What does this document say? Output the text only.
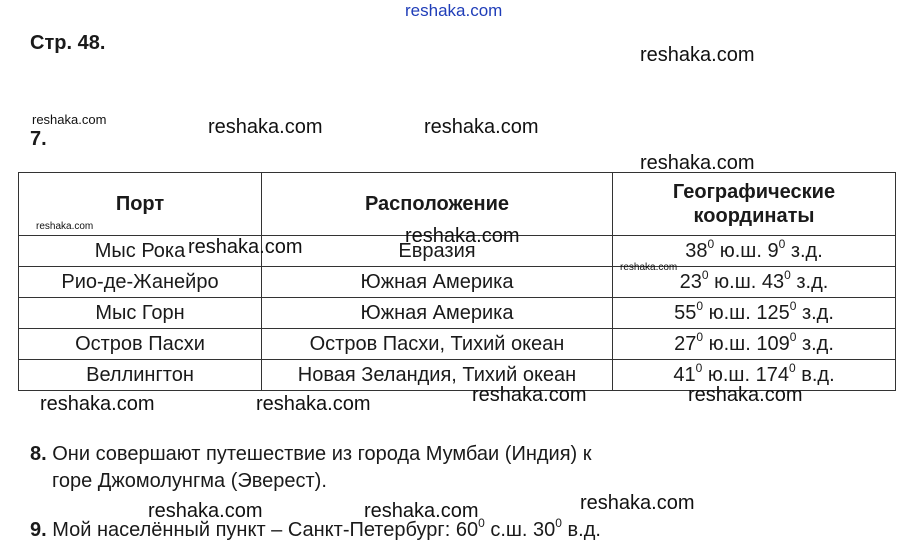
Стр. 48.
7.
Порт	Расположение	Географические координаты
Мыс Рока	Евразия	$38^0$ ю.ш. $9^0$ з.д.
Рио-де-Жанейро	Южная Америка	$23^0$ ю.ш. $43^0$ з.д.
Мыс Горн	Южная Америка	$55^0$ ю.ш. $125^0$ з.д.
Остров Пасхи	Остров Пасхи, Тихий океан	$27^0$ ю.ш. $109^0$ з.д.
Веллингтон	Новая Зеландия, Тихий океан	$41^0$ ю.ш. $174^0$ в.д.
8. Они совершают путешествие из города Мумбаи (Индия) к
горе Джомолунгма (Эверест).
9. Мой населённый пункт – Санкт-Петербург: $60^0$ с.ш. $30^0$ в.д.
reshaka.com
reshaka.com
reshaka.com	reshaka.com	reshaka.com
reshaka.com
reshaka.com
reshaka.com	reshaka.com
reshaka.com
reshaka.com	reshaka.com	reshaka.com	reshaka.com
reshaka.com	reshaka.com	reshaka.com
